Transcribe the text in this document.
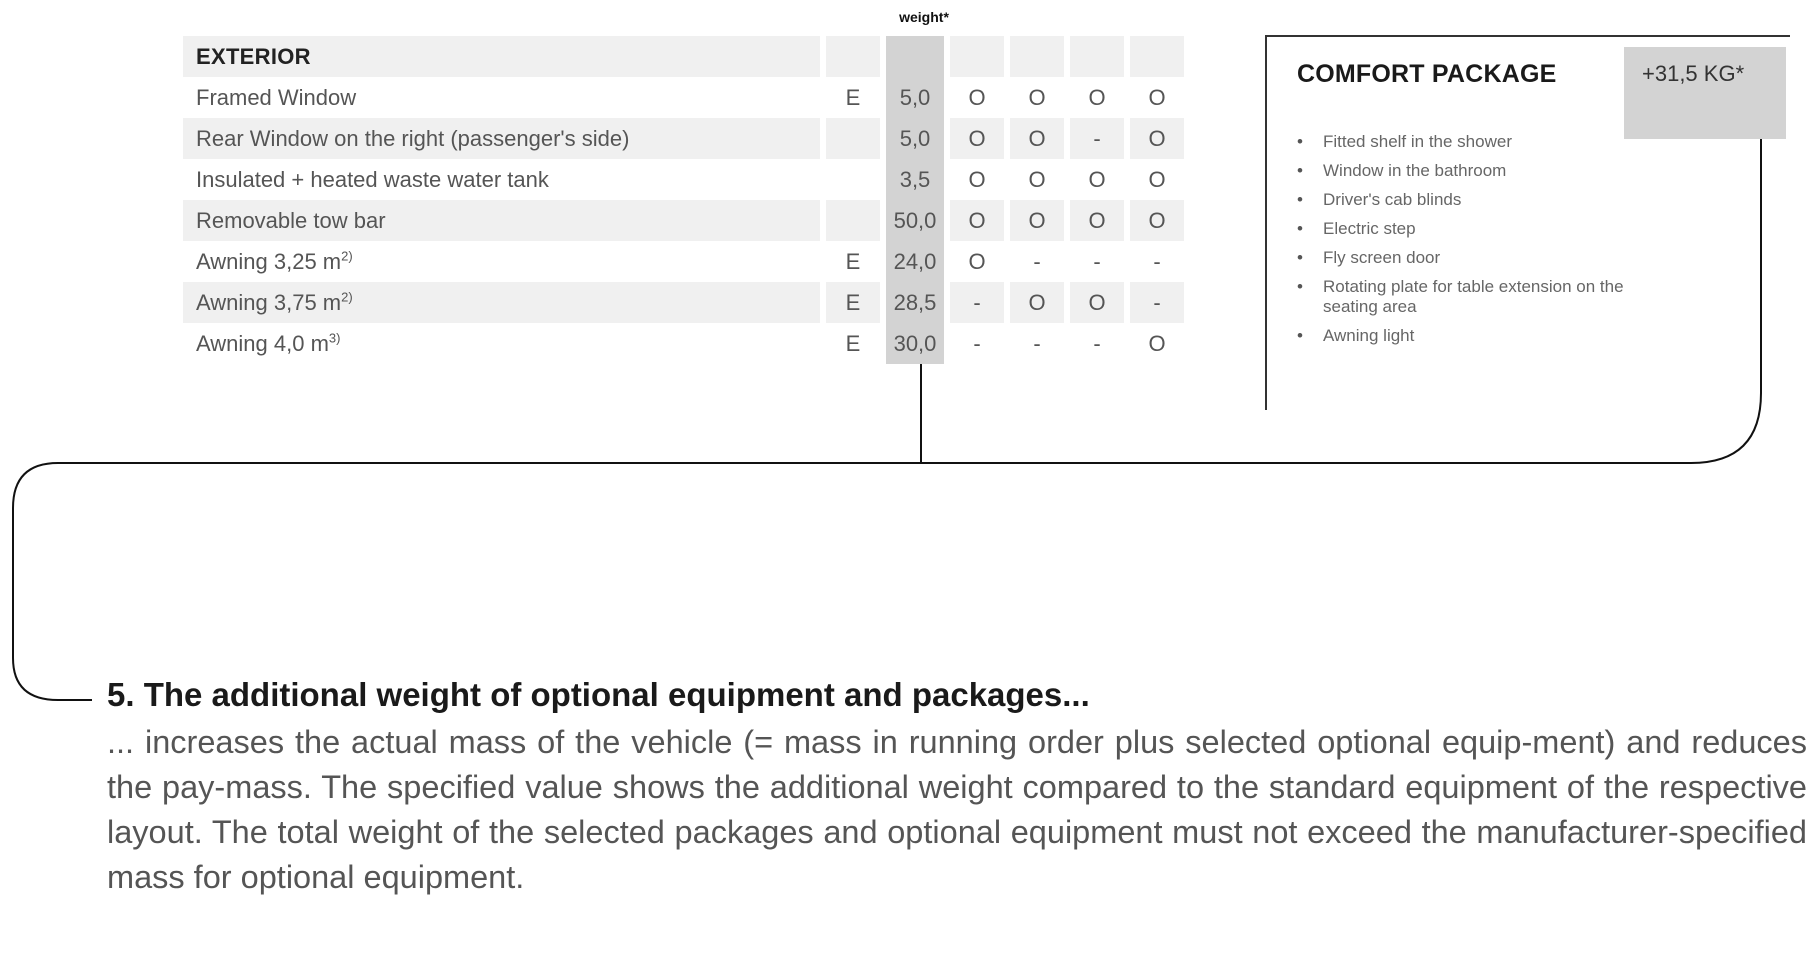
weight*
EXTERIOR						
Framed Window	E	5,0	O	O	O	O
Rear Window on the right (passenger's side)		5,0	O	O	-	O
Insulated + heated waste water tank		3,5	O	O	O	O
Removable tow bar		50,0	O	O	O	O
Awning 3,25 $m^{2)}$	E	24,0	O	-	-	-
Awning 3,75 $m^{2)}$	E	28,5	-	O	O	-
Awning 4,0 $m^{3)}$	E	30,0	-	-	-	O
COMFORT PACKAGE	+31,5 KG*
• Fitted shelf in the shower
• Window in the bathroom
• Driver's cab blinds
• Electric step
• Fly screen door
• Rotating plate for table extension on the seating area
• Awning light
5. The additional weight of optional equipment and packages...
... increases the actual mass of the vehicle (= mass in running order plus selected optional equip-ment) and reduces the pay-mass. The specified value shows the additional weight compared to the standard equipment of the respective layout. The total weight of the selected packages and optional equipment must not exceed the manufacturer-specified mass for optional equipment.
